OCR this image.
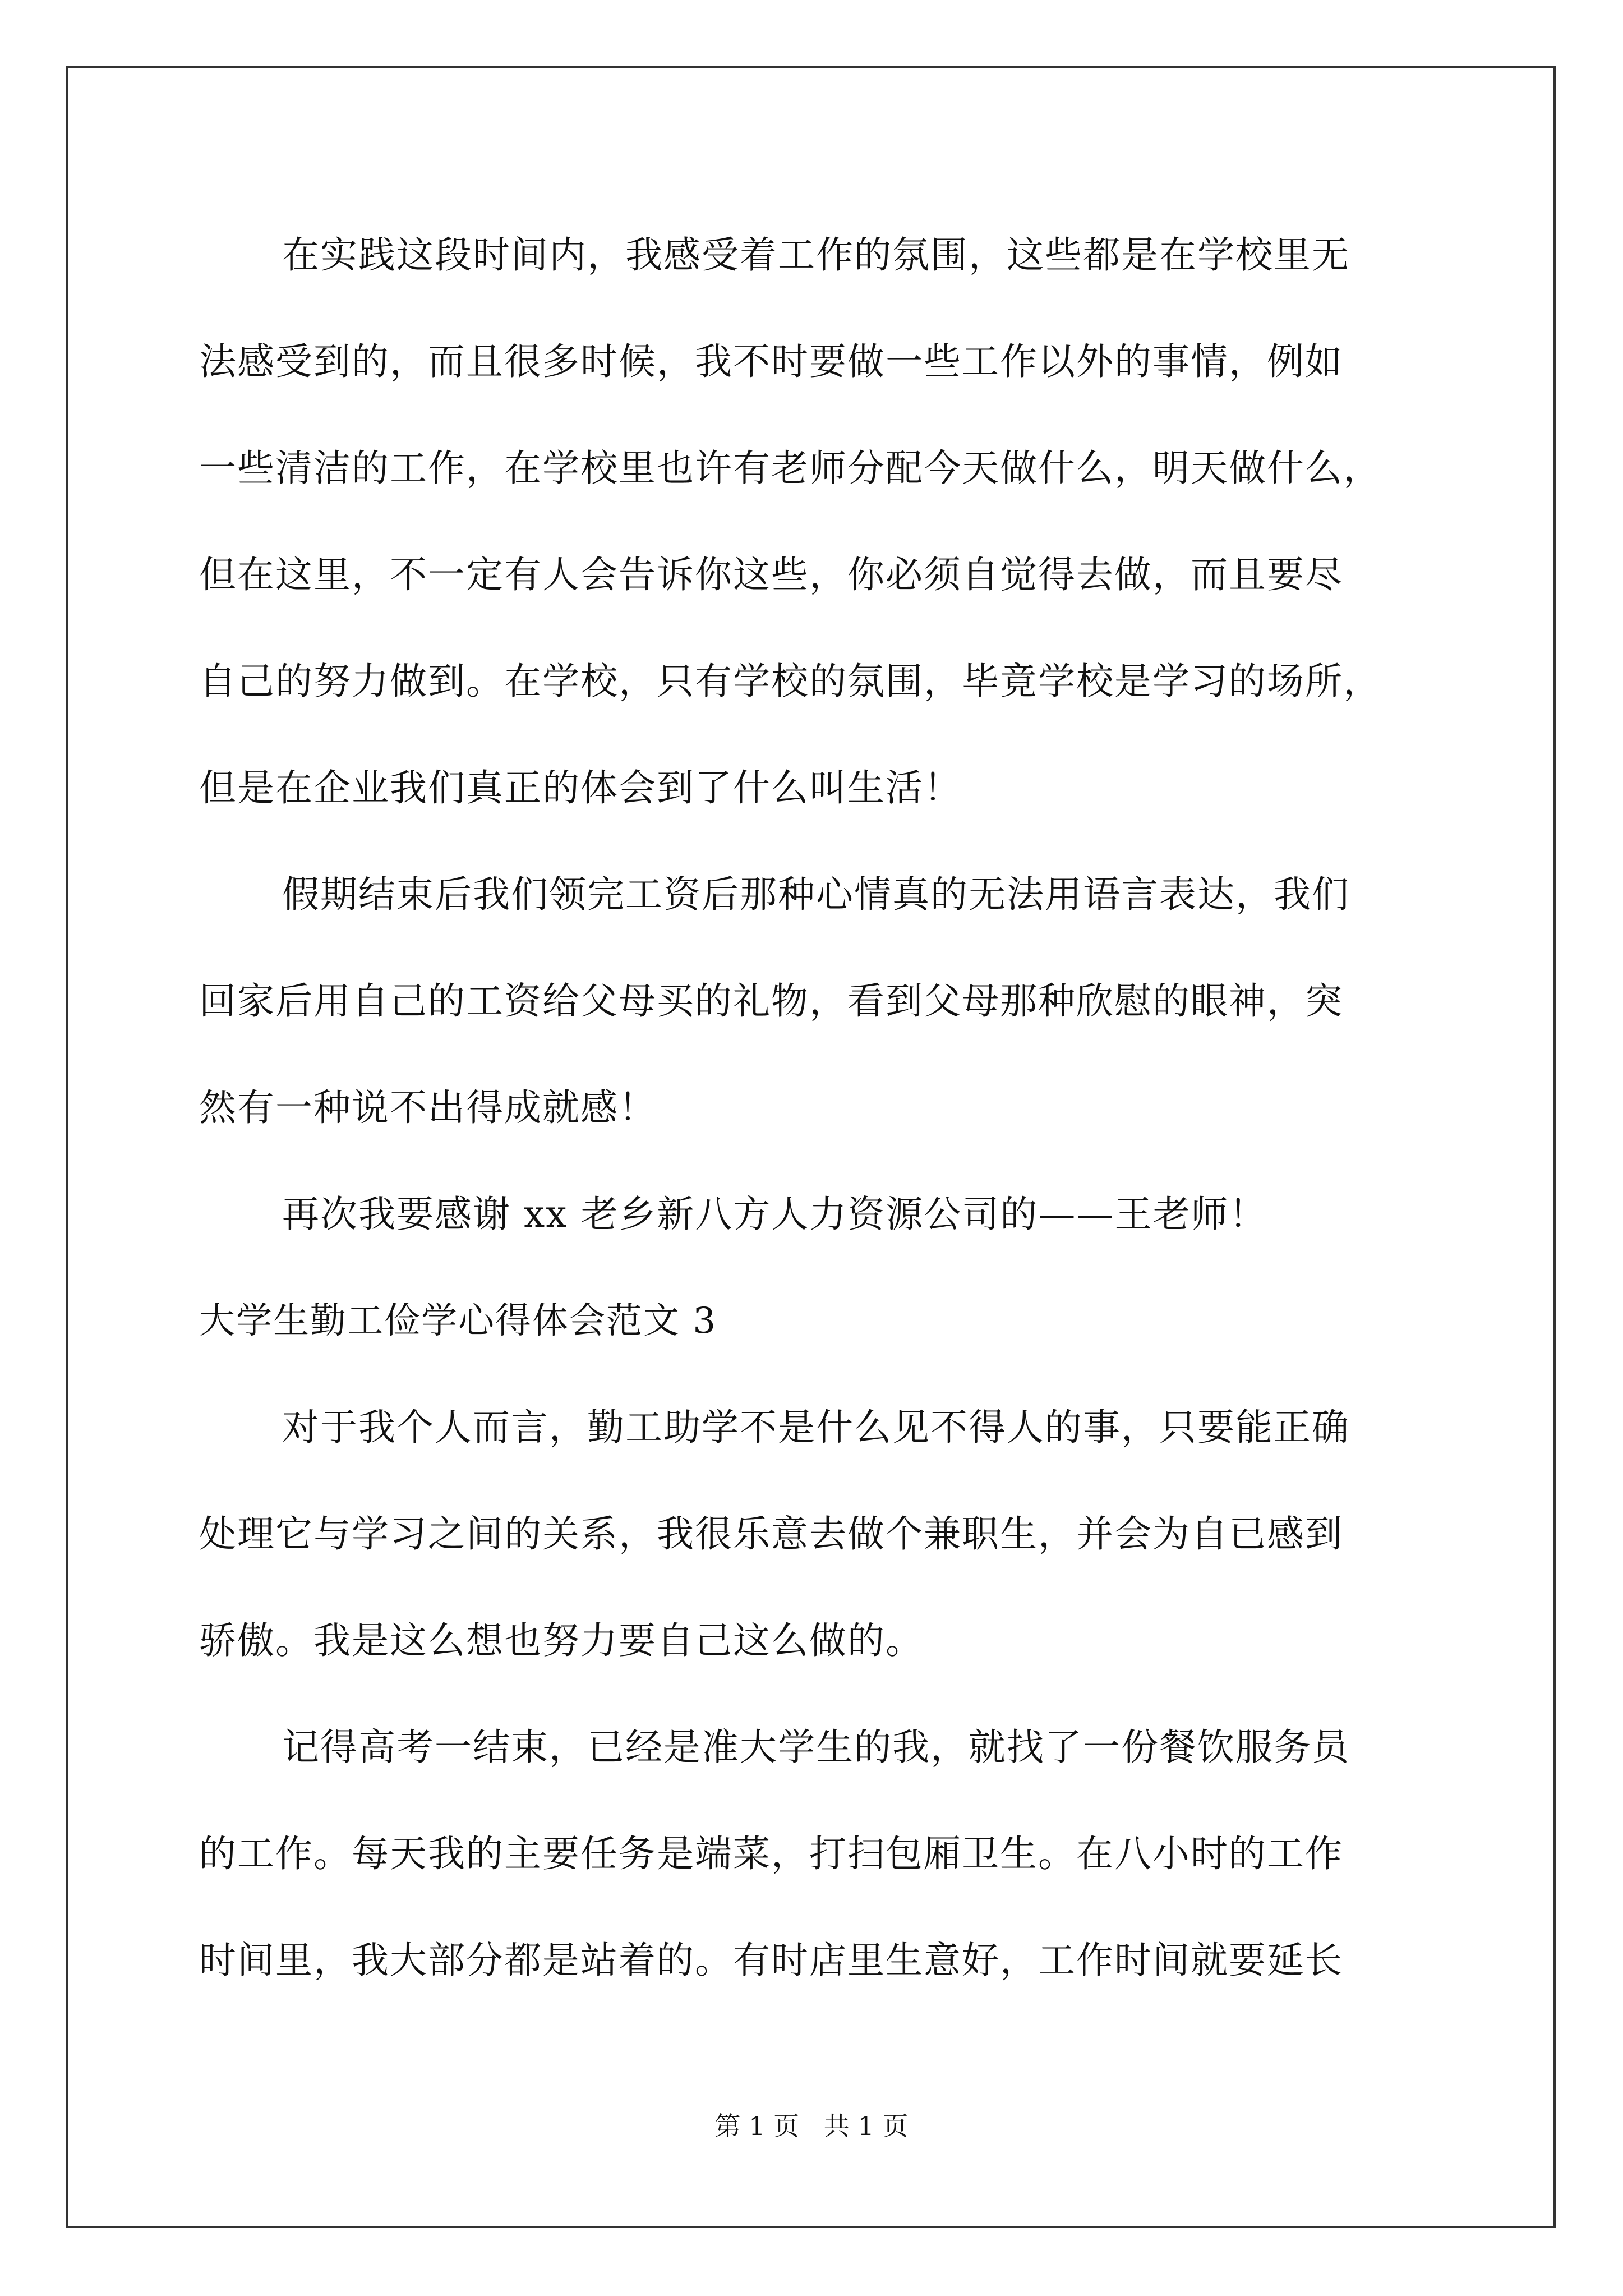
在实践这段时间内，我感受着工作的氛围，这些都是在学校里无
法感受到的，而且很多时候，我不时要做一些工作以外的事情，例如
一些清洁的工作，在学校里也许有老师分配今天做什么，明天做什么，
但在这里，不一定有人会告诉你这些，你必须自觉得去做，而且要尽
自己的努力做到。在学校，只有学校的氛围，毕竟学校是学习的场所，
但是在企业我们真正的体会到了什么叫生活！
假期结束后我们领完工资后那种心情真的无法用语言表达，我们
回家后用自己的工资给父母买的礼物，看到父母那种欣慰的眼神，突
然有一种说不出得成就感！
再次我要感谢 xx 老乡新八方人力资源公司的——王老师！
大学生勤工俭学心得体会范文 3
对于我个人而言，勤工助学不是什么见不得人的事，只要能正确
处理它与学习之间的关系，我很乐意去做个兼职生，并会为自已感到
骄傲。我是这么想也努力要自己这么做的。
记得高考一结束，已经是准大学生的我，就找了一份餐饮服务员
的工作。每天我的主要任务是端菜，打扫包厢卫生。在八小时的工作
时间里，我大部分都是站着的。有时店里生意好，工作时间就要延长
第 1 页   共 1 页
